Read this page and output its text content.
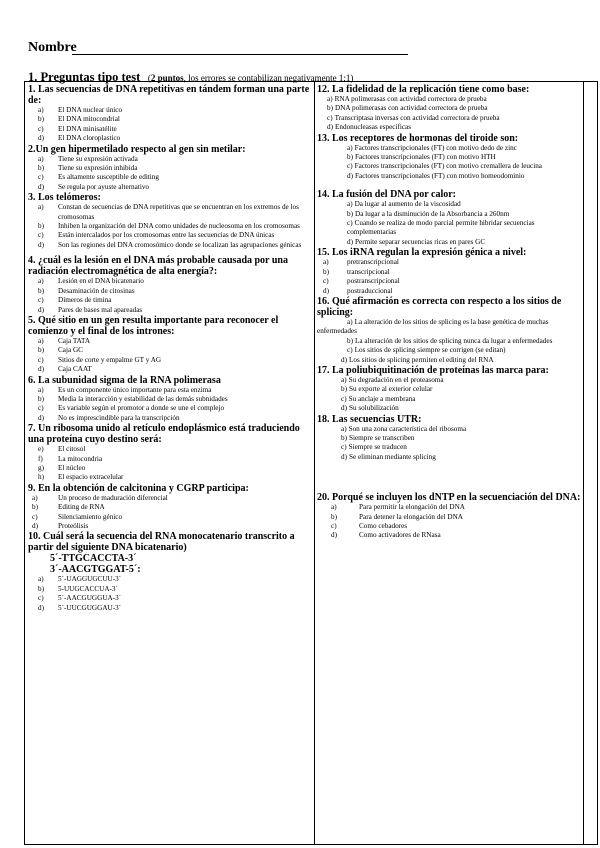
Nombre
1. Preguntas tipo test   (2 puntos, los errores se contabilizan negativamente 1:1)
1. Las secuencias de DNA repetitivas en tándem forman una parte de:
a) El DNA nuclear único
b) El DNA mitocondrial
c) El DNA minisatélite
d) El DNA cloroplastico
2.Un gen hipermetilado respecto al gen sin metilar:
a) Tiene su expresión activada
b) Tiene su expresión inhibida
c) Es altamente susceptible de editing
d) Se regula por ayuste alternativo
3. Los telómeros:
a) Constan de secuencias de DNA repetitivas que se encuentran en los extremos de los cromosomas
b) Inhiben la organización del DNA como unidades de nucleosoma en los cromosomas
c) Están intercalados por los cromosomas entre las secuencias de DNA únicas
d) Son las regiones del DNA cromosómico donde se localizan las agrupaciones génicas
4. ¿cuál es la lesión en el DNA más probable causada por una radiación electromagnética de alta energía?:
a) Lesión en el DNA bicatenario
b) Desaminación de citosinas
c) Dímeros de timina
d) Pares de bases mal apareadas
5. Qué sitio en un gen resulta importante para reconocer el comienzo y el final de los intrones:
a) Caja TATA
b) Caja GC
c) Sitios de corte y empalme GT y AG
d) Caja CAAT
6. La subunidad sigma de la RNA polimerasa
a) Es un componente único importante para esta enzima
b) Media la interacción y estabilidad de las demás subnidades
c) Es variable según el promotor a donde se une el complejo
d) No es imprescindible para la transcripción
7. Un ribosoma unido al retículo endoplásmico está traduciendo una proteína cuyo destino será:
e) El citosol
f) La mitocondria
g) El núcleo
h) El espacio extracelular
9. En la obtención de calcitonina y CGRP participa:
a)	Un proceso de maduración diferencial
b)	Editing de RNA
c)	Silenciamiento génico
d)	Proteólisis
10. Cuál será la secuencia del RNA monocatenario transcrito a partir del siguiente DNA bicatenario)
5´-TTGCACCTA-3´
3´-AACGTGGAT-5´:
a) 5´-UAGGUGCUU-3´
b) 5-UUGCACCUA-3´
c) 5´-AACGUGGUA-3´
d) 5´-UUCGUGGAU-3´
12. La fidelidad de la replicación tiene como base:
a) RNA polimerasas con actividad correctora de prueba
b) DNA polimerasas con actividad correctora de prueba
c) Transcriptasa inversas con actividad correctora de prueba
d) Endonucleasas especificas
13. Los receptores de hormonas del tiroide son:
a) Factores transcripcionales (FT) con motivo dedo de zinc
b) Factores transcripcionales (FT) con motivo HTH
c) Factores transcripcionales (FT) con motivo cremallera de leucina
d) Factores transcripcionales (FT) con motivo homeodominio
14. La fusión del DNA por calor:
a) Da lugar al aumento de la viscosidad
b) Da lugar a la disminución de la Absorbancia a 260nm
c) Cuando se realiza de modo parcial permite hibridar secuencias complementarias
d) Permite separar secuencias ricas en pares GC
15. Los iRNA regulan la expresión génica a nivel:
a)	pretranscripcional
b)	transcripcional
c)	postranscripcional
d)	postraduccional
16. Qué afirmación es correcta con respecto a los sitios de splicing:
a) La alteración de los sitios de splicing es la base genética de muchas enfermedades
b) La alteración de los sitios de splicing nunca da lugar a enfermedades
c) Los sitios de splicing siempre se corrigen (se editan)
d) Los sitios de splicing permiten el editing del RNA
17. La poliubiquitinación de proteínas las marca para:
a) Su degradación en el proteasoma
b) Su exporte al exterior celular
c) Su anclaje a membrana
d) Su solubilización
18. Las secuencias UTR:
a) Son una zona característica del ribosoma
b) Siempre se transcriben
c) Siempre se traducen
d) Se eliminan mediante splicing
20. Porqué se incluyen los dNTP en la secuenciación del DNA:
a)	Para permitir la elongación del DNA
b)	Para detener la elongación del DNA
c)	Como cebadores
d)	Como activadores de RNasa
